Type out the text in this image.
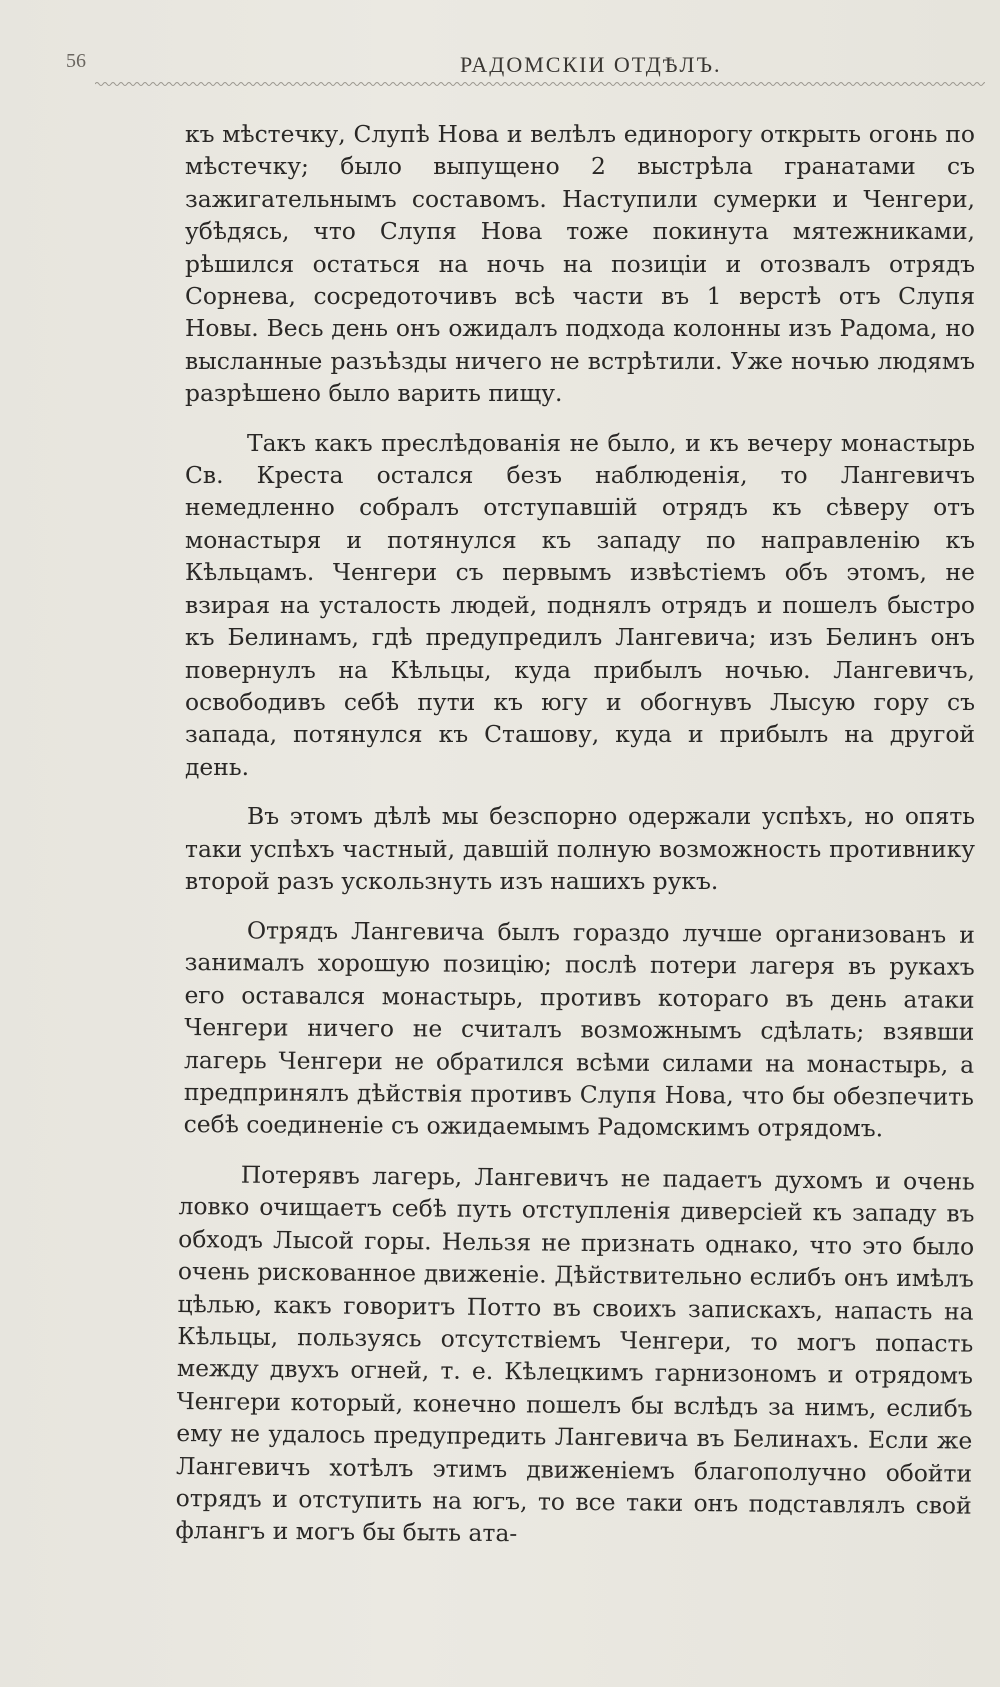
56	РАДОМСКIИ ОТДѢЛЪ.

къ мѣстечку, Слупѣ Нова и велѣлъ единорогу открыть огонь по мѣстечку; было выпущено 2 выстрѣла гранатами съ зажигательнымъ составомъ. Наступили сумерки и Ченгери, убѣдясь, что Слупя Нова тоже покинута мятежниками, рѣшился остаться на ночь на позиціи и отозвалъ отрядъ Сорнева, сосредоточивъ всѣ части въ 1 верстѣ отъ Слупя Новы. Весь день онъ ожидалъ подхода колонны изъ Радома, но высланные разъѣзды ничего не встрѣтили. Уже ночью людямъ разрѣшено было варить пищу.

Такъ какъ преслѣдованія не было, и къ вечеру монастырь Св. Креста остался безъ наблюденія, то Лангевичъ немедленно собралъ отступавшій отрядъ къ сѣверу отъ монастыря и потянулся къ западу по направленію къ Кѣльцамъ. Ченгери съ первымъ извѣстіемъ объ этомъ, не взирая на усталость людей, поднялъ отрядъ и пошелъ быстро къ Белинамъ, гдѣ предупредилъ Лангевича; изъ Белинъ онъ повернулъ на Кѣльцы, куда прибылъ ночью. Лангевичъ, освободивъ себѣ пути къ югу и обогнувъ Лысую гору съ запада, потянулся къ Сташову, куда и прибылъ на другой день.

Въ этомъ дѣлѣ мы безспорно одержали успѣхъ, но опять таки успѣхъ частный, давшій полную возможность противнику второй разъ ускользнуть изъ нашихъ рукъ.

Отрядъ Лангевича былъ гораздо лучше организованъ и занималъ хорошую позицію; послѣ потери лагеря въ рукахъ его оставался монастырь, противъ котораго въ день атаки Ченгери ничего не считалъ возможнымъ сдѣлать; взявши лагерь Ченгери не обратился всѣми силами на монастырь, а предпринялъ дѣйствія противъ Слупя Нова, что бы обезпечить себѣ соединеніе съ ожидаемымъ Радомскимъ отрядомъ.

Потерявъ лагерь, Лангевичъ не падаетъ духомъ и очень ловко очищаетъ себѣ путь отступленія диверсіей къ западу въ обходъ Лысой горы. Нельзя не признать однако, что это было очень рискованное движеніе. Дѣйствительно еслибъ онъ имѣлъ цѣлью, какъ говоритъ Потто въ своихъ запискахъ, напасть на Кѣльцы, пользуясь отсутствіемъ Ченгери, то могъ попасть между двухъ огней, т. е. Кѣлецкимъ гарнизономъ и отрядомъ Ченгери который, конечно пошелъ бы вслѣдъ за нимъ, еслибъ ему не удалось предупредить Лангевича въ Белинахъ. Если же Лангевичъ хотѣлъ этимъ движеніемъ благополучно обойти отрядъ и отступить на югъ, то все таки онъ подставлялъ свой флангъ и могъ бы быть ата-
